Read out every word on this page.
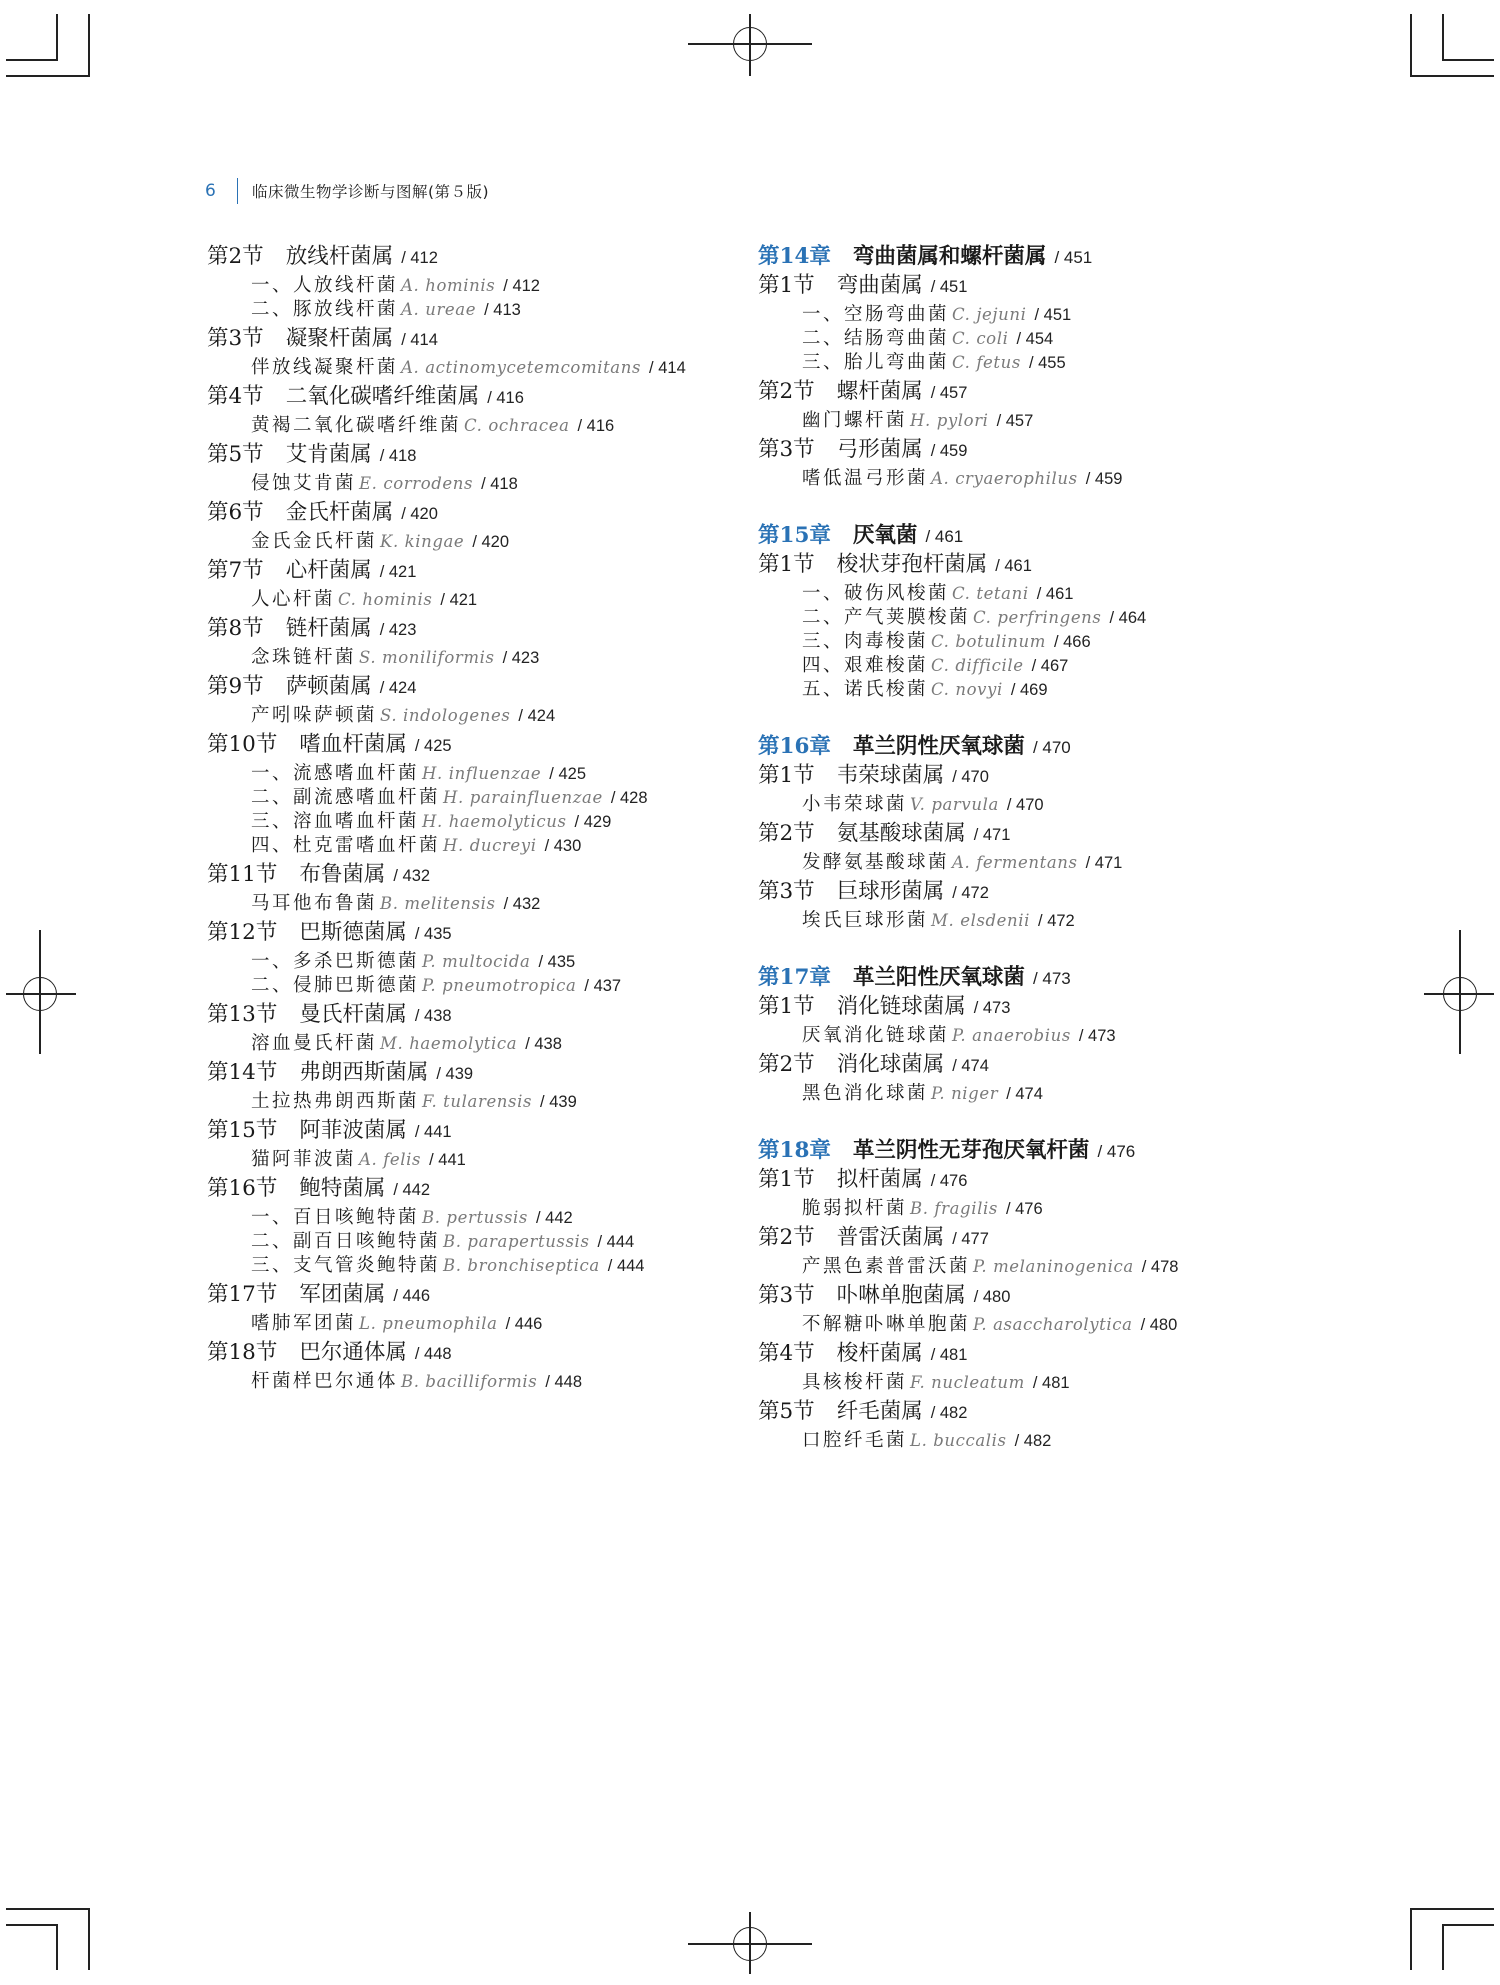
6	临床微生物学诊断与图解(第５版)
第2节 放线杆菌属 / 412
一、人放线杆菌 A. hominis / 412
二、豚放线杆菌 A. ureae / 413
第3节 凝聚杆菌属 / 414
伴放线凝聚杆菌 A. actinomycetemcomitans / 414
第4节 二氧化碳嗜纤维菌属 / 416
黄褐二氧化碳嗜纤维菌 C. ochracea / 416
第5节 艾肯菌属 / 418
侵蚀艾肯菌 E. corrodens / 418
第6节 金氏杆菌属 / 420
金氏金氏杆菌 K. kingae / 420
第7节 心杆菌属 / 421
人心杆菌 C. hominis / 421
第8节 链杆菌属 / 423
念珠链杆菌 S. moniliformis / 423
第9节 萨顿菌属 / 424
产吲哚萨顿菌 S. indologenes / 424
第10节 嗜血杆菌属 / 425
一、流感嗜血杆菌 H. influenzae / 425
二、副流感嗜血杆菌 H. parainfluenzae / 428
三、溶血嗜血杆菌 H. haemolyticus / 429
四、杜克雷嗜血杆菌 H. ducreyi / 430
第11节 布鲁菌属 / 432
马耳他布鲁菌 B. melitensis / 432
第12节 巴斯德菌属 / 435
一、多杀巴斯德菌 P. multocida / 435
二、侵肺巴斯德菌 P. pneumotropica / 437
第13节 曼氏杆菌属 / 438
溶血曼氏杆菌 M. haemolytica / 438
第14节 弗朗西斯菌属 / 439
土拉热弗朗西斯菌 F. tularensis / 439
第15节 阿菲波菌属 / 441
猫阿菲波菌 A. felis / 441
第16节 鲍特菌属 / 442
一、百日咳鲍特菌 B. pertussis / 442
二、副百日咳鲍特菌 B. parapertussis / 444
三、支气管炎鲍特菌 B. bronchiseptica / 444
第17节 军团菌属 / 446
嗜肺军团菌 L. pneumophila / 446
第18节 巴尔通体属 / 448
杆菌样巴尔通体 B. bacilliformis / 448
第14章 弯曲菌属和螺杆菌属 / 451
第1节 弯曲菌属 / 451
一、空肠弯曲菌 C. jejuni / 451
二、结肠弯曲菌 C. coli / 454
三、胎儿弯曲菌 C. fetus / 455
第2节 螺杆菌属 / 457
幽门螺杆菌 H. pylori / 457
第3节 弓形菌属 / 459
嗜低温弓形菌 A. cryaerophilus / 459
第15章 厌氧菌 / 461
第1节 梭状芽孢杆菌属 / 461
一、破伤风梭菌 C. tetani / 461
二、产气荚膜梭菌 C. perfringens / 464
三、肉毒梭菌 C. botulinum / 466
四、艰难梭菌 C. difficile / 467
五、诺氏梭菌 C. novyi / 469
第16章 革兰阴性厌氧球菌 / 470
第1节 韦荣球菌属 / 470
小韦荣球菌 V. parvula / 470
第2节 氨基酸球菌属 / 471
发酵氨基酸球菌 A. fermentans / 471
第3节 巨球形菌属 / 472
埃氏巨球形菌 M. elsdenii / 472
第17章 革兰阳性厌氧球菌 / 473
第1节 消化链球菌属 / 473
厌氧消化链球菌 P. anaerobius / 473
第2节 消化球菌属 / 474
黑色消化球菌 P. niger / 474
第18章 革兰阴性无芽孢厌氧杆菌 / 476
第1节 拟杆菌属 / 476
脆弱拟杆菌 B. fragilis / 476
第2节 普雷沃菌属 / 477
产黑色素普雷沃菌 P. melaninogenica / 478
第3节 卟啉单胞菌属 / 480
不解糖卟啉单胞菌 P. asaccharolytica / 480
第4节 梭杆菌属 / 481
具核梭杆菌 F. nucleatum / 481
第5节 纤毛菌属 / 482
口腔纤毛菌 L. buccalis / 482
